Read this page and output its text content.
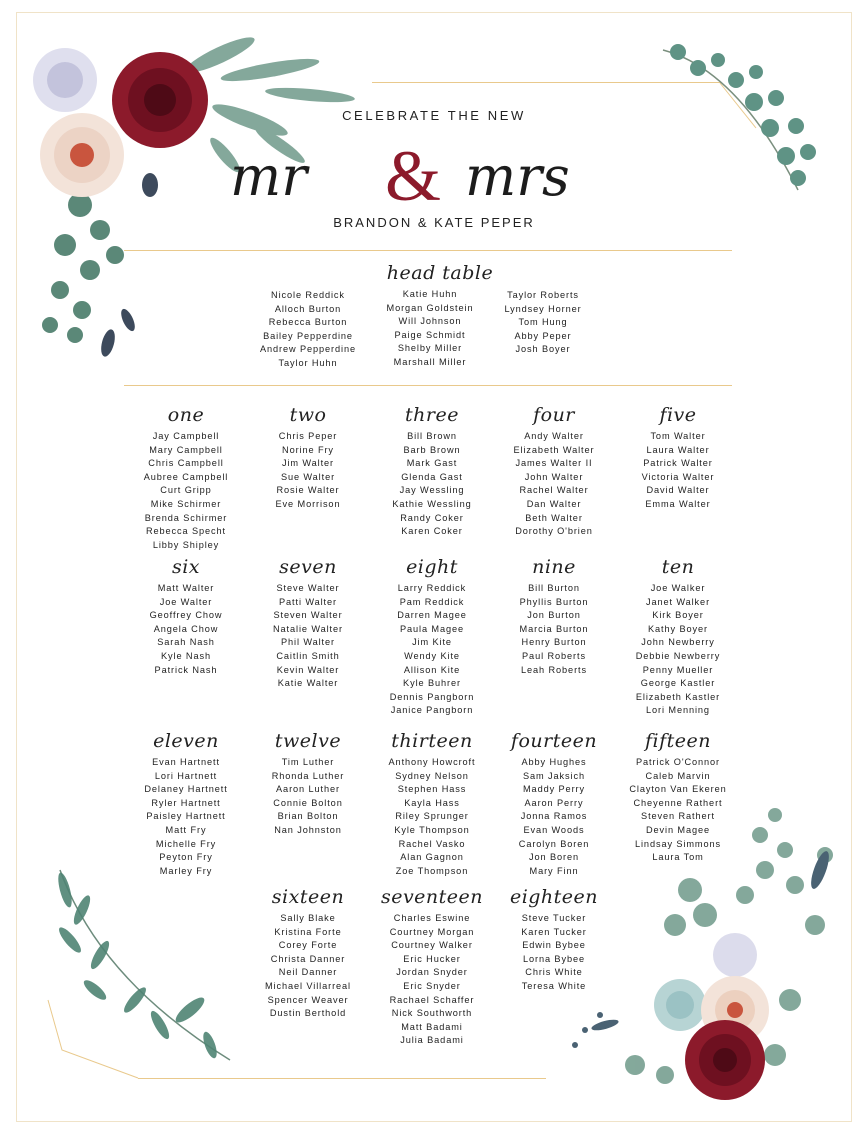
CELEBRATE THE NEW
mr & mrs
BRANDON & KATE PEPER
head table
Nicole Reddick
Alloch Burton
Rebecca Burton
Bailey Pepperdine
Andrew Pepperdine
Taylor Huhn
Katie Huhn
Morgan Goldstein
Will Johnson
Paige Schmidt
Shelby Miller
Marshall Miller
Taylor Roberts
Lyndsey Horner
Tom Hung
Abby Peper
Josh Boyer
one
Jay Campbell
Mary Campbell
Chris Campbell
Aubree Campbell
Curt Gripp
Mike Schirmer
Brenda Schirmer
Rebecca Specht
Libby Shipley
two
Chris Peper
Norine Fry
Jim Walter
Sue Walter
Rosie Walter
Eve Morrison
three
Bill Brown
Barb Brown
Mark Gast
Glenda Gast
Jay Wessling
Kathie Wessling
Randy Coker
Karen Coker
four
Andy Walter
Elizabeth Walter
James Walter II
John Walter
Rachel Walter
Dan Walter
Beth Walter
Dorothy O'brien
five
Tom Walter
Laura Walter
Patrick Walter
Victoria Walter
David Walter
Emma Walter
six
Matt Walter
Joe Walter
Geoffrey Chow
Angela Chow
Sarah Nash
Kyle Nash
Patrick Nash
seven
Steve Walter
Patti Walter
Steven Walter
Natalie Walter
Phil Walter
Caitlin Smith
Kevin Walter
Katie Walter
eight
Larry Reddick
Pam Reddick
Darren Magee
Paula Magee
Jim Kite
Wendy Kite
Allison Kite
Kyle Buhrer
Dennis Pangborn
Janice Pangborn
nine
Bill Burton
Phyllis Burton
Jon Burton
Marcia Burton
Henry Burton
Paul Roberts
Leah Roberts
ten
Joe Walker
Janet Walker
Kirk Boyer
Kathy Boyer
John Newberry
Debbie Newberry
Penny Mueller
George Kastler
Elizabeth Kastler
Lori Menning
eleven
Evan Hartnett
Lori Hartnett
Delaney Hartnett
Ryler Hartnett
Paisley Hartnett
Matt Fry
Michelle Fry
Peyton Fry
Marley Fry
twelve
Tim Luther
Rhonda Luther
Aaron Luther
Connie Bolton
Brian Bolton
Nan Johnston
thirteen
Anthony Howcroft
Sydney Nelson
Stephen Hass
Kayla Hass
Riley Sprunger
Kyle Thompson
Rachel Vasko
Alan Gagnon
Zoe Thompson
fourteen
Abby Hughes
Sam Jaksich
Maddy Perry
Aaron Perry
Jonna Ramos
Evan Woods
Carolyn Boren
Jon Boren
Mary Finn
fifteen
Patrick O'Connor
Caleb Marvin
Clayton Van Ekeren
Cheyenne Rathert
Steven Rathert
Devin Magee
Lindsay Simmons
Laura Tom
sixteen
Sally Blake
Kristina Forte
Corey Forte
Christa Danner
Neil Danner
Michael Villarreal
Spencer Weaver
Dustin Berthold
seventeen
Charles Eswine
Courtney Morgan
Courtney Walker
Eric Hucker
Jordan Snyder
Eric Snyder
Rachael Schaffer
Nick Southworth
Matt Badami
Julia Badami
eighteen
Steve Tucker
Karen Tucker
Edwin Bybee
Lorna Bybee
Chris White
Teresa White
